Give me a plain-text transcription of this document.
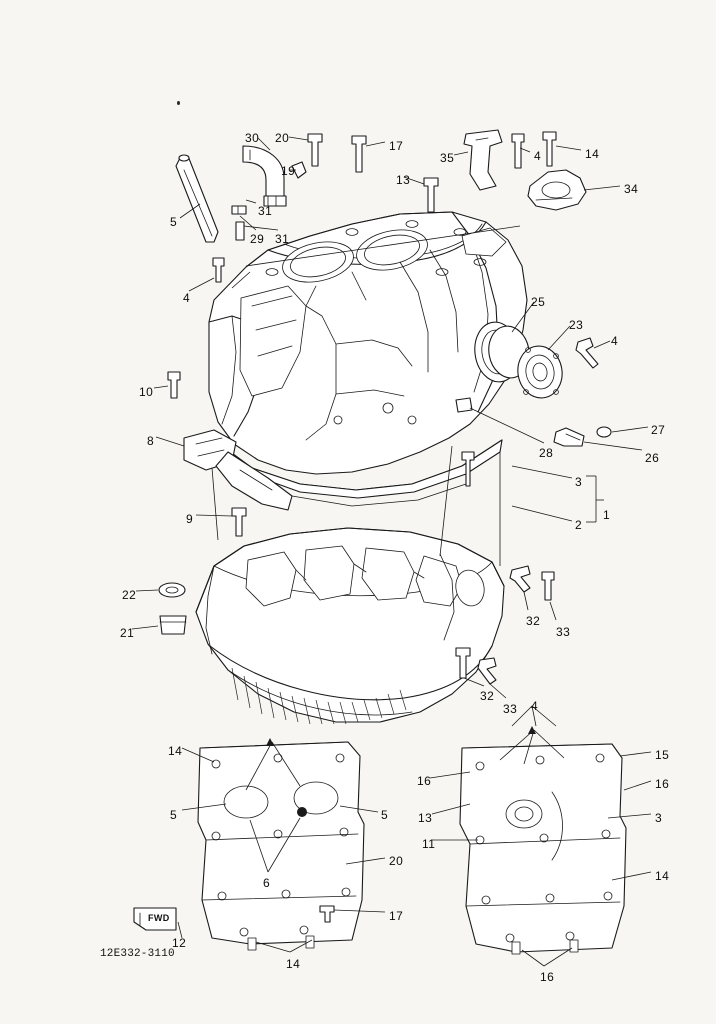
30 20
17
35	4	14
19
13
34
31
5
29 31
4	25
23
4
10
27
8
28	26
3
9	2
1
22
21
32
33
32
33 4
14	15
16	16
5	5 13	3
11
6
20
14
17
12
14
16
FWD
12E332-3110
